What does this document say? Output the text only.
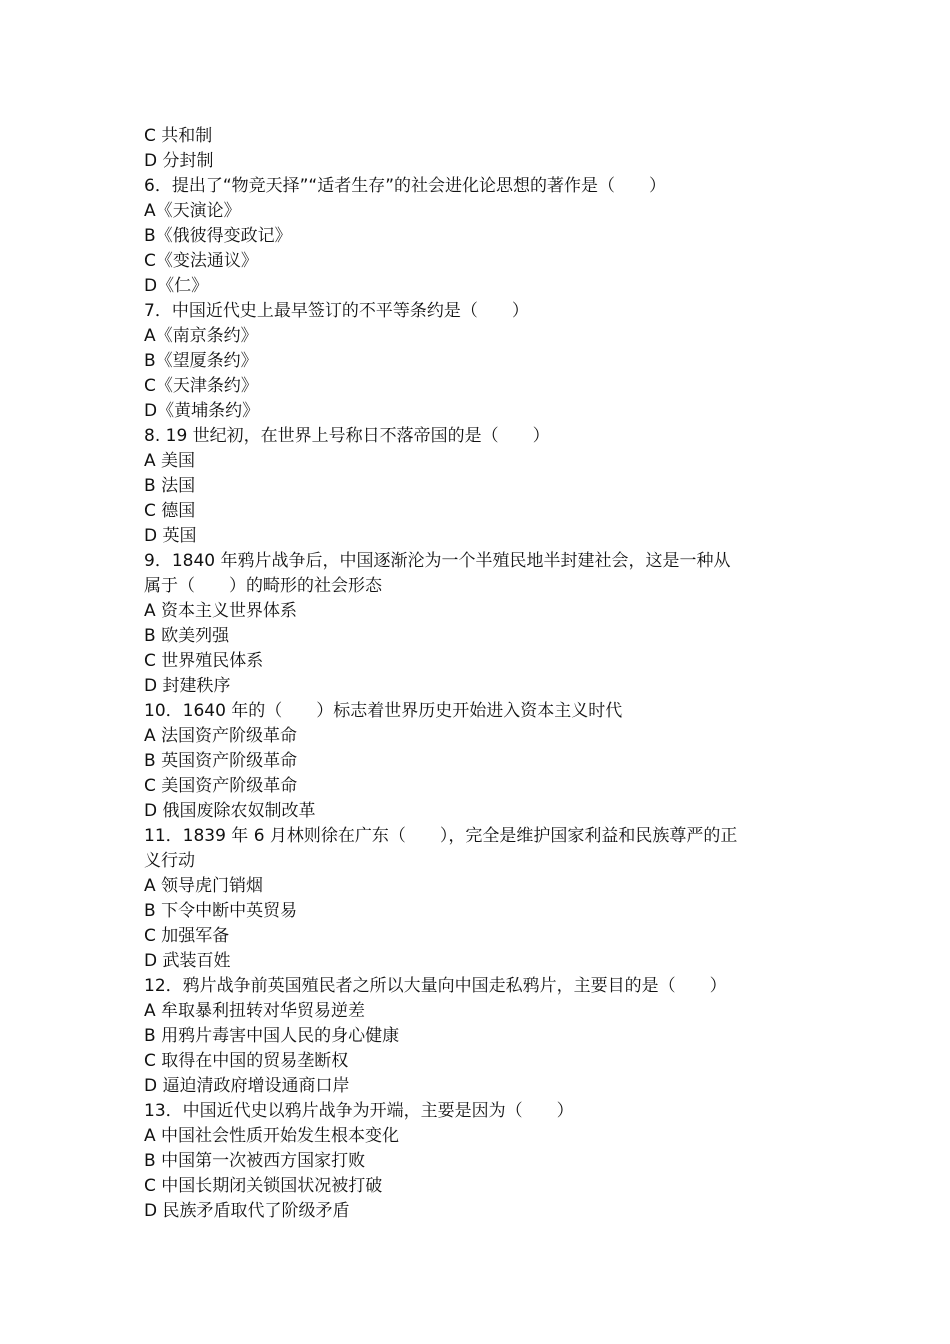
C 共和制
D 分封制
6．提出了“物竞天择”“适者生存”的社会进化论思想的著作是（　　）
A《天演论》
B《俄彼得变政记》
C《变法通议》
D《仁》
7．中国近代史上最早签订的不平等条约是（　　）
A《南京条约》
B《望厦条约》
C《天津条约》
D《黄埔条约》
8. 19 世纪初，在世界上号称日不落帝国的是（　　）
A 美国
B 法国
C 德国
D 英国
9．1840 年鸦片战争后，中国逐渐沦为一个半殖民地半封建社会，这是一种从
属于（　　）的畸形的社会形态
A 资本主义世界体系
B 欧美列强
C 世界殖民体系
D 封建秩序
10．1640 年的（　　）标志着世界历史开始进入资本主义时代
A 法国资产阶级革命
B 英国资产阶级革命
C 美国资产阶级革命
D 俄国废除农奴制改革
11．1839 年 6 月林则徐在广东（　　），完全是维护国家利益和民族尊严的正
义行动
A 领导虎门销烟
B 下令中断中英贸易
C 加强军备
D 武装百姓
12．鸦片战争前英国殖民者之所以大量向中国走私鸦片，主要目的是（　　）
A 牟取暴利扭转对华贸易逆差
B 用鸦片毒害中国人民的身心健康
C 取得在中国的贸易垄断权
D 逼迫清政府增设通商口岸
13．中国近代史以鸦片战争为开端，主要是因为（　　）
A 中国社会性质开始发生根本变化
B 中国第一次被西方国家打败
C 中国长期闭关锁国状况被打破
D 民族矛盾取代了阶级矛盾
